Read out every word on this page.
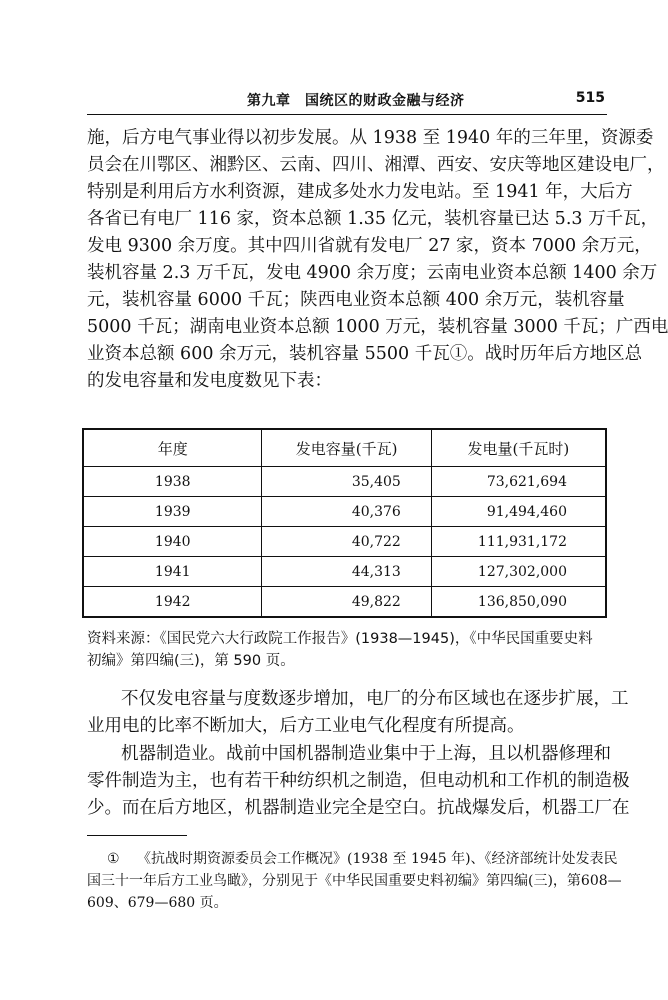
第九章　国统区的财政金融与经济	515
施，后方电气事业得以初步发展。从 1938 至 1940 年的三年里，资源委
员会在川鄂区、湘黔区、云南、四川、湘潭、西安、安庆等地区建设电厂，
特别是利用后方水利资源，建成多处水力发电站。至 1941 年，大后方
各省已有电厂 116 家，资本总额 1.35 亿元，装机容量已达 5.3 万千瓦，
发电 9300 余万度。其中四川省就有发电厂 27 家，资本 7000 余万元，
装机容量 2.3 万千瓦，发电 4900 余万度；云南电业资本总额 1400 余万
元，装机容量 6000 千瓦；陕西电业资本总额 400 余万元，装机容量
5000 千瓦；湖南电业资本总额 1000 万元，装机容量 3000 千瓦；广西电
业资本总额 600 余万元，装机容量 5500 千瓦①。战时历年后方地区总
的发电容量和发电度数见下表：
年度	发电容量(千瓦)	发电量(千瓦时)
1938	35,405	73,621,694
1939	40,376	91,494,460
1940	40,722	111,931,172
1941	44,313	127,302,000
1942	49,822	136,850,090
资料来源：《国民党六大行政院工作报告》(1938—1945)，《中华民国重要史料
初编》第四编(三)，第 590 页。
不仅发电容量与度数逐步增加，电厂的分布区域也在逐步扩展，工
业用电的比率不断加大，后方工业电气化程度有所提高。
机器制造业。战前中国机器制造业集中于上海，且以机器修理和
零件制造为主，也有若干种纺织机之制造，但电动机和工作机的制造极
少。而在后方地区，机器制造业完全是空白。抗战爆发后，机器工厂在
① 《抗战时期资源委员会工作概况》(1938 至 1945 年)、《经济部统计处发表民
国三十一年后方工业鸟瞰》，分别见于《中华民国重要史料初编》第四编(三)，第608—
609、679—680 页。
